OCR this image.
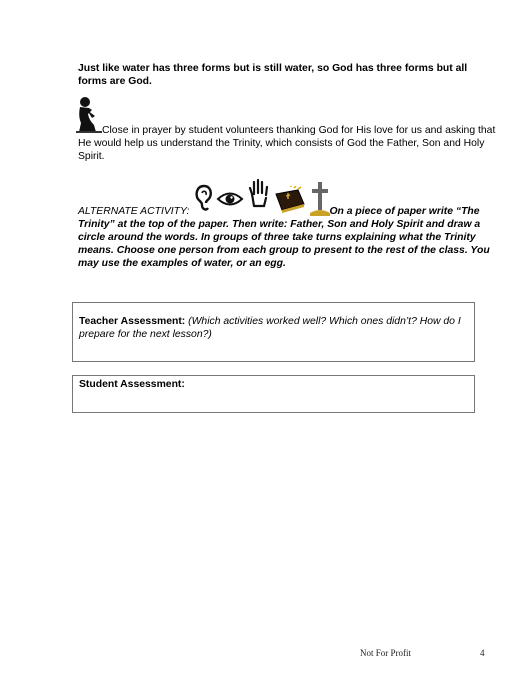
Just like water has three forms but is still water, so God has three forms but all forms are God.
Close in prayer by student volunteers thanking God for His love for us and asking that He would help us understand the Trinity, which consists of God the Father, Son and Holy Spirit.
ALTERNATE ACTIVITY:	On a piece of paper write “The Trinity” at the top of the paper. Then write: Father, Son and Holy Spirit and draw a circle around the words. In groups of three take turns explaining what the Trinity means. Choose one person from each group to present to the rest of the class. You may use the examples of water, or an egg.
Teacher Assessment: (Which activities worked well? Which ones didn’t? How do I prepare for the next lesson?)
Student Assessment:
Not For Profit	4
